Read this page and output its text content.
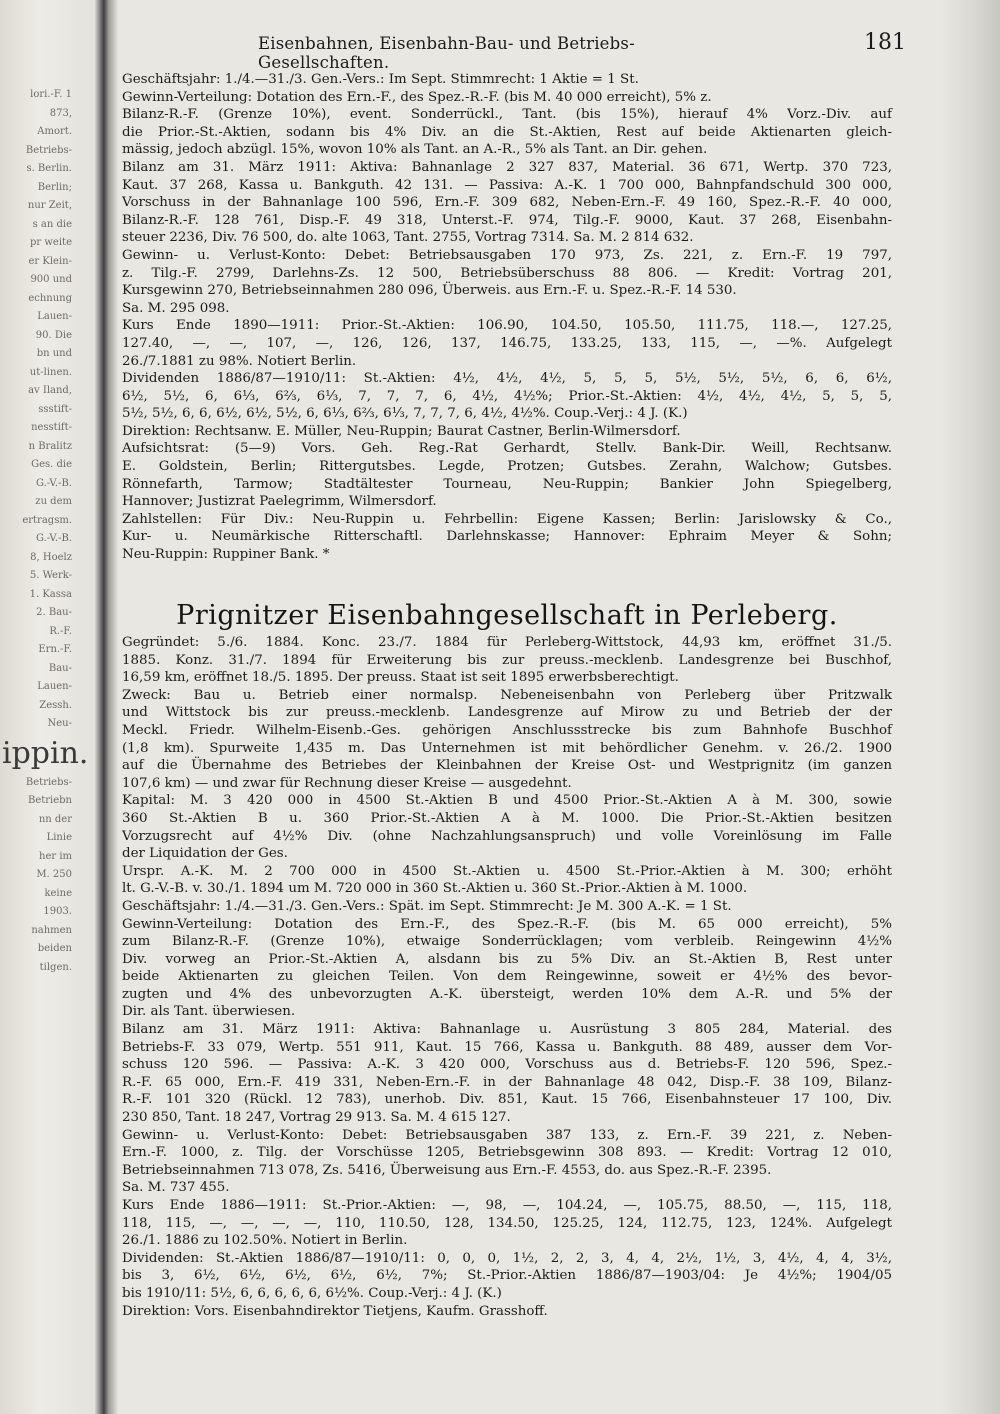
lori.-F. 1
873,
Amort.
Betriebs-
s. Berlin.
Berlin;
nur Zeit,
s an die
pr weite
er Klein-
900 und
echnung
Lauen-
90. Die
bn und
ut-linen.
av Iland,
ssstift-
nesstift-
n Bralitz
Ges. die
G.-V.-B.
zu dem
ertragsm.
G.-V.-B.
8, Hoelz
5. Werk-
1. Kassa
2. Bau-
R.-F.
Ern.-F.
Bau-
Lauen-
Zessh.
Neu-
ippin.
Betriebs-
Betriebn
nn der
Linie
her im
M. 250
keine
1903.
nahmen
beiden
tilgen.
Eisenbahnen, Eisenbahn-Bau- und Betriebs-Gesellschaften.
181
Geschäftsjahr: 1./4.—31./3. Gen.-Vers.: Im Sept. Stimmrecht: 1 Aktie = 1 St.
Gewinn-Verteilung: Dotation des Ern.-F., des Spez.-R.-F. (bis M. 40 000 erreicht), 5% z.
Bilanz-R.-F. (Grenze 10%), event. Sonderrückl., Tant. (bis 15%), hierauf 4% Vorz.-Div. auf
die Prior.-St.-Aktien, sodann bis 4% Div. an die St.-Aktien, Rest auf beide Aktienarten gleich-
mässig, jedoch abzügl. 15%, wovon 10% als Tant. an A.-R., 5% als Tant. an Dir. gehen.
Bilanz am 31. März 1911: Aktiva: Bahnanlage 2 327 837, Material. 36 671, Wertp. 370 723,
Kaut. 37 268, Kassa u. Bankguth. 42 131. — Passiva: A.-K. 1 700 000, Bahnpfandschuld 300 000,
Vorschuss in der Bahnanlage 100 596, Ern.-F. 309 682, Neben-Ern.-F. 49 160, Spez.-R.-F. 40 000,
Bilanz-R.-F. 128 761, Disp.-F. 49 318, Unterst.-F. 974, Tilg.-F. 9000, Kaut. 37 268, Eisenbahn-
steuer 2236, Div. 76 500, do. alte 1063, Tant. 2755, Vortrag 7314. Sa. M. 2 814 632.
Gewinn- u. Verlust-Konto: Debet: Betriebsausgaben 170 973, Zs. 221, z. Ern.-F. 19 797,
z. Tilg.-F. 2799, Darlehns-Zs. 12 500, Betriebsüberschuss 88 806. — Kredit: Vortrag 201,
Kursgewinn 270, Betriebseinnahmen 280 096, Überweis. aus Ern.-F. u. Spez.-R.-F. 14 530.
Sa. M. 295 098.
Kurs Ende 1890—1911: Prior.-St.-Aktien: 106.90, 104.50, 105.50, 111.75, 118.—, 127.25,
127.40, —, —, 107, —, 126, 126, 137, 146.75, 133.25, 133, 115, —, —%. Aufgelegt
26./7.1881 zu 98%. Notiert Berlin.
Dividenden 1886/87—1910/11: St.-Aktien: 4½, 4½, 4½, 5, 5, 5, 5½, 5½, 5½, 6, 6, 6½,
6½, 5½, 6, 6⅓, 6⅔, 6⅓, 7, 7, 7, 6, 4½, 4½%; Prior.-St.-Aktien: 4½, 4½, 4½, 5, 5, 5,
5½, 5½, 6, 6, 6½, 6½, 5½, 6, 6⅓, 6⅔, 6⅓, 7, 7, 7, 6, 4½, 4½%. Coup.-Verj.: 4 J. (K.)
Direktion: Rechtsanw. E. Müller, Neu-Ruppin; Baurat Castner, Berlin-Wilmersdorf.
Aufsichtsrat: (5—9) Vors. Geh. Reg.-Rat Gerhardt, Stellv. Bank-Dir. Weill, Rechtsanw.
E. Goldstein, Berlin; Rittergutsbes. Legde, Protzen; Gutsbes. Zerahn, Walchow; Gutsbes.
Rönnefarth, Tarmow; Stadtältester Tourneau, Neu-Ruppin; Bankier John Spiegelberg,
Hannover; Justizrat Paelegrimm, Wilmersdorf.
Zahlstellen: Für Div.: Neu-Ruppin u. Fehrbellin: Eigene Kassen; Berlin: Jarislowsky & Co.,
Kur- u. Neumärkische Ritterschaftl. Darlehnskasse; Hannover: Ephraim Meyer & Sohn;
Neu-Ruppin: Ruppiner Bank. *
Prignitzer Eisenbahngesellschaft in Perleberg.
Gegründet: 5./6. 1884. Konc. 23./7. 1884 für Perleberg-Wittstock, 44,93 km, eröffnet 31./5.
1885. Konz. 31./7. 1894 für Erweiterung bis zur preuss.-mecklenb. Landesgrenze bei Buschhof,
16,59 km, eröffnet 18./5. 1895. Der preuss. Staat ist seit 1895 erwerbsberechtigt.
Zweck: Bau u. Betrieb einer normalsp. Nebeneisenbahn von Perleberg über Pritzwalk
und Wittstock bis zur preuss.-mecklenb. Landesgrenze auf Mirow zu und Betrieb der der
Meckl. Friedr. Wilhelm-Eisenb.-Ges. gehörigen Anschlussstrecke bis zum Bahnhofe Buschhof
(1,8 km). Spurweite 1,435 m. Das Unternehmen ist mit behördlicher Genehm. v. 26./2. 1900
auf die Übernahme des Betriebes der Kleinbahnen der Kreise Ost- und Westprignitz (im ganzen
107,6 km) — und zwar für Rechnung dieser Kreise — ausgedehnt.
Kapital: M. 3 420 000 in 4500 St.-Aktien B und 4500 Prior.-St.-Aktien A à M. 300, sowie
360 St.-Aktien B u. 360 Prior.-St.-Aktien A à M. 1000. Die Prior.-St.-Aktien besitzen
Vorzugsrecht auf 4½% Div. (ohne Nachzahlungsanspruch) und volle Voreinlösung im Falle
der Liquidation der Ges.
Urspr. A.-K. M. 2 700 000 in 4500 St.-Aktien u. 4500 St.-Prior.-Aktien à M. 300; erhöht
lt. G.-V.-B. v. 30./1. 1894 um M. 720 000 in 360 St.-Aktien u. 360 St.-Prior.-Aktien à M. 1000.
Geschäftsjahr: 1./4.—31./3. Gen.-Vers.: Spät. im Sept. Stimmrecht: Je M. 300 A.-K. = 1 St.
Gewinn-Verteilung: Dotation des Ern.-F., des Spez.-R.-F. (bis M. 65 000 erreicht), 5%
zum Bilanz-R.-F. (Grenze 10%), etwaige Sonderrücklagen; vom verbleib. Reingewinn 4½%
Div. vorweg an Prior.-St.-Aktien A, alsdann bis zu 5% Div. an St.-Aktien B, Rest unter
beide Aktienarten zu gleichen Teilen. Von dem Reingewinne, soweit er 4½% des bevor-
zugten und 4% des unbevorzugten A.-K. übersteigt, werden 10% dem A.-R. und 5% der
Dir. als Tant. überwiesen.
Bilanz am 31. März 1911: Aktiva: Bahnanlage u. Ausrüstung 3 805 284, Material. des
Betriebs-F. 33 079, Wertp. 551 911, Kaut. 15 766, Kassa u. Bankguth. 88 489, ausser dem Vor-
schuss 120 596. — Passiva: A.-K. 3 420 000, Vorschuss aus d. Betriebs-F. 120 596, Spez.-
R.-F. 65 000, Ern.-F. 419 331, Neben-Ern.-F. in der Bahnanlage 48 042, Disp.-F. 38 109, Bilanz-
R.-F. 101 320 (Rückl. 12 783), unerhob. Div. 851, Kaut. 15 766, Eisenbahnsteuer 17 100, Div.
230 850, Tant. 18 247, Vortrag 29 913. Sa. M. 4 615 127.
Gewinn- u. Verlust-Konto: Debet: Betriebsausgaben 387 133, z. Ern.-F. 39 221, z. Neben-
Ern.-F. 1000, z. Tilg. der Vorschüsse 1205, Betriebsgewinn 308 893. — Kredit: Vortrag 12 010,
Betriebseinnahmen 713 078, Zs. 5416, Überweisung aus Ern.-F. 4553, do. aus Spez.-R.-F. 2395.
Sa. M. 737 455.
Kurs Ende 1886—1911: St.-Prior.-Aktien: —, 98, —, 104.24, —, 105.75, 88.50, —, 115, 118,
118, 115, —, —, —, —, 110, 110.50, 128, 134.50, 125.25, 124, 112.75, 123, 124%. Aufgelegt
26./1. 1886 zu 102.50%. Notiert in Berlin.
Dividenden: St.-Aktien 1886/87—1910/11: 0, 0, 0, 1½, 2, 2, 3, 4, 4, 2½, 1½, 3, 4½, 4, 4, 3½,
bis 3, 6½, 6½, 6½, 6½, 6½, 7%; St.-Prior.-Aktien 1886/87—1903/04: Je 4½%; 1904/05
bis 1910/11: 5½, 6, 6, 6, 6, 6, 6½%. Coup.-Verj.: 4 J. (K.)
Direktion: Vors. Eisenbahndirektor Tietjens, Kaufm. Grasshoff.
